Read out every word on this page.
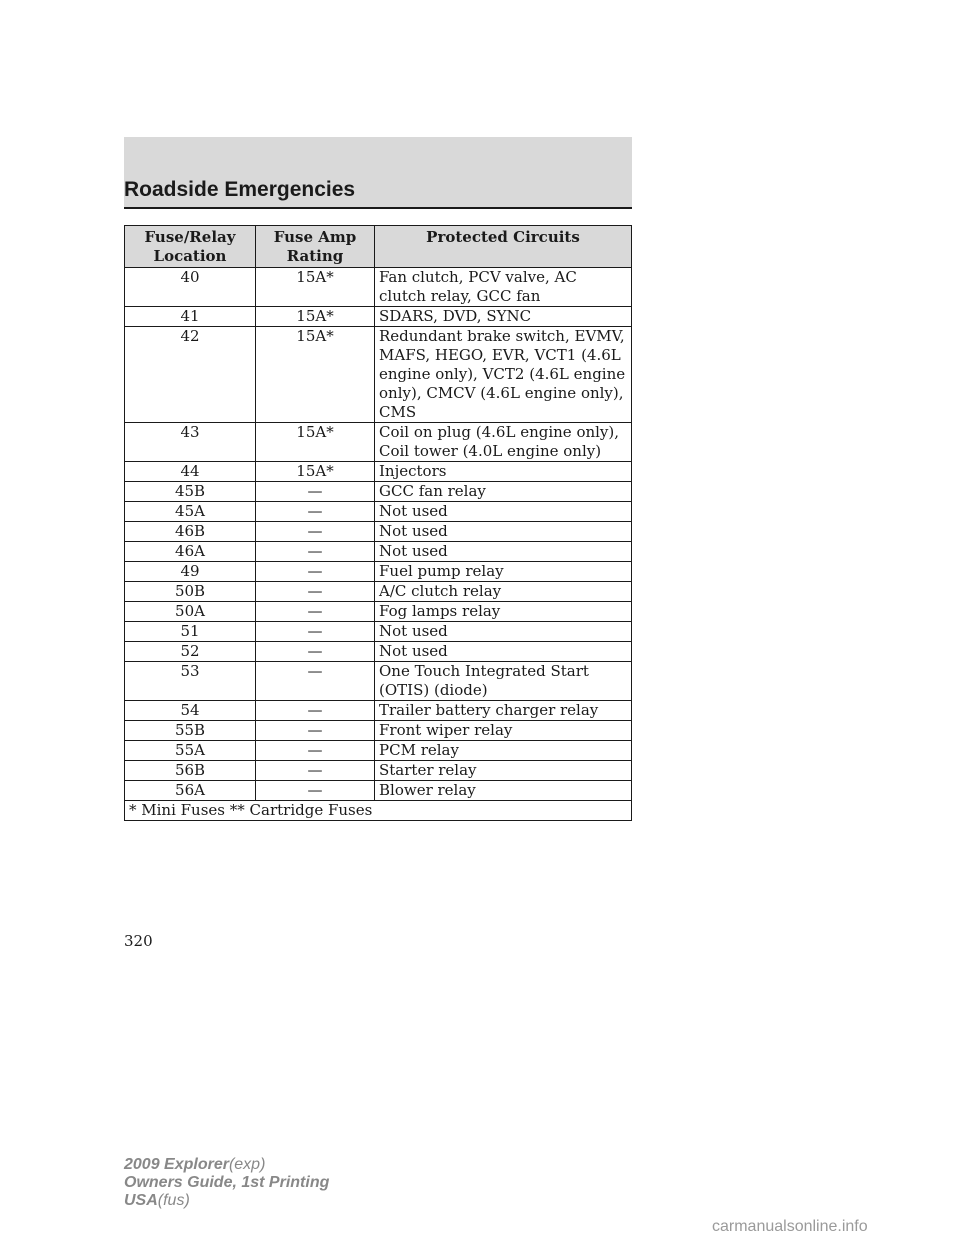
Roadside Emergencies
Fuse/Relay Location	Fuse Amp Rating	Protected Circuits
40	15A*	Fan clutch, PCV valve, AC clutch relay, GCC fan
41	15A*	SDARS, DVD, SYNC
42	15A*	Redundant brake switch, EVMV, MAFS, HEGO, EVR, VCT1 (4.6L engine only), VCT2 (4.6L engine only), CMCV (4.6L engine only), CMS
43	15A*	Coil on plug (4.6L engine only), Coil tower (4.0L engine only)
44	15A*	Injectors
45B	—	GCC fan relay
45A	—	Not used
46B	—	Not used
46A	—	Not used
49	—	Fuel pump relay
50B	—	A/C clutch relay
50A	—	Fog lamps relay
51	—	Not used
52	—	Not used
53	—	One Touch Integrated Start (OTIS) (diode)
54	—	Trailer battery charger relay
55B	—	Front wiper relay
55A	—	PCM relay
56B	—	Starter relay
56A	—	Blower relay
* Mini Fuses ** Cartridge Fuses		
320
2009 Explorer(exp)
Owners Guide, 1st Printing
USA(fus)
carmanualsonline.info
